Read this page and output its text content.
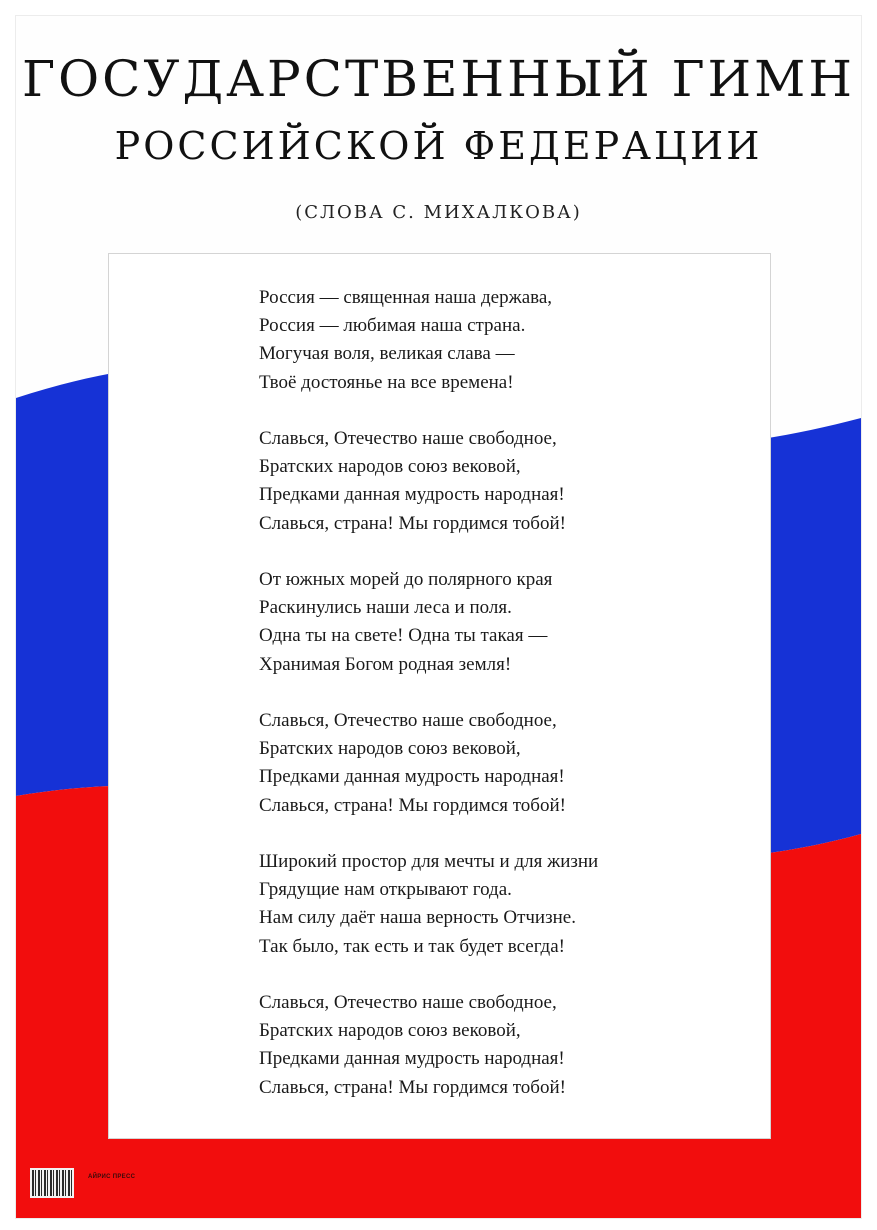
ГОСУДАРСТВЕННЫЙ ГИМН
РОССИЙСКОЙ ФЕДЕРАЦИИ
(СЛОВА С. МИХАЛКОВА)
Россия — священная наша держава,
Россия — любимая наша страна.
Могучая воля, великая слава —
Твоё достоянье на все времена!
Славься, Отечество наше свободное,
Братских народов союз вековой,
Предками данная мудрость народная!
Славься, страна! Мы гордимся тобой!
От южных морей до полярного края
Раскинулись наши леса и поля.
Одна ты на свете! Одна ты такая —
Хранимая Богом родная земля!
Славься, Отечество наше свободное,
Братских народов союз вековой,
Предками данная мудрость народная!
Славься, страна! Мы гордимся тобой!
Широкий простор для мечты и для жизни
Грядущие нам открывают года.
Нам силу даёт наша верность Отчизне.
Так было, так есть и так будет всегда!
Славься, Отечество наше свободное,
Братских народов союз вековой,
Предками данная мудрость народная!
Славься, страна! Мы гордимся тобой!
АЙРИС ПРЕСС
